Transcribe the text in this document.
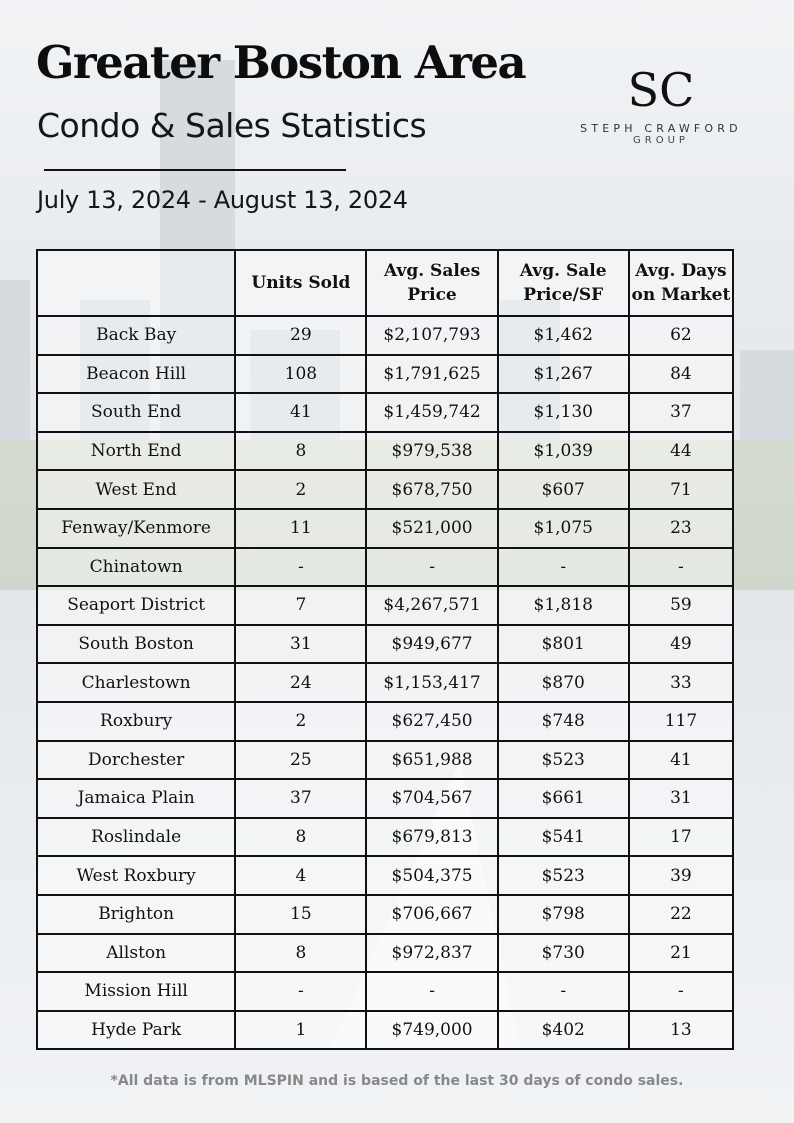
Greater Boston Area
Condo & Sales Statistics
July 13, 2024 - August 13, 2024
SC
STEPH CRAWFORD
GROUP
	Units Sold	Avg. Sales Price	Avg. Sale Price/SF	Avg. Days on Market
Back Bay	29	$2,107,793	$1,462	62
Beacon Hill	108	$1,791,625	$1,267	84
South End	41	$1,459,742	$1,130	37
North End	8	$979,538	$1,039	44
West End	2	$678,750	$607	71
Fenway/Kenmore	11	$521,000	$1,075	23
Chinatown	-	-	-	-
Seaport District	7	$4,267,571	$1,818	59
South Boston	31	$949,677	$801	49
Charlestown	24	$1,153,417	$870	33
Roxbury	2	$627,450	$748	117
Dorchester	25	$651,988	$523	41
Jamaica Plain	37	$704,567	$661	31
Roslindale	8	$679,813	$541	17
West Roxbury	4	$504,375	$523	39
Brighton	15	$706,667	$798	22
Allston	8	$972,837	$730	21
Mission Hill	-	-	-	-
Hyde Park	1	$749,000	$402	13
*All data is from MLSPIN and is based of the last 30 days of condo sales.
